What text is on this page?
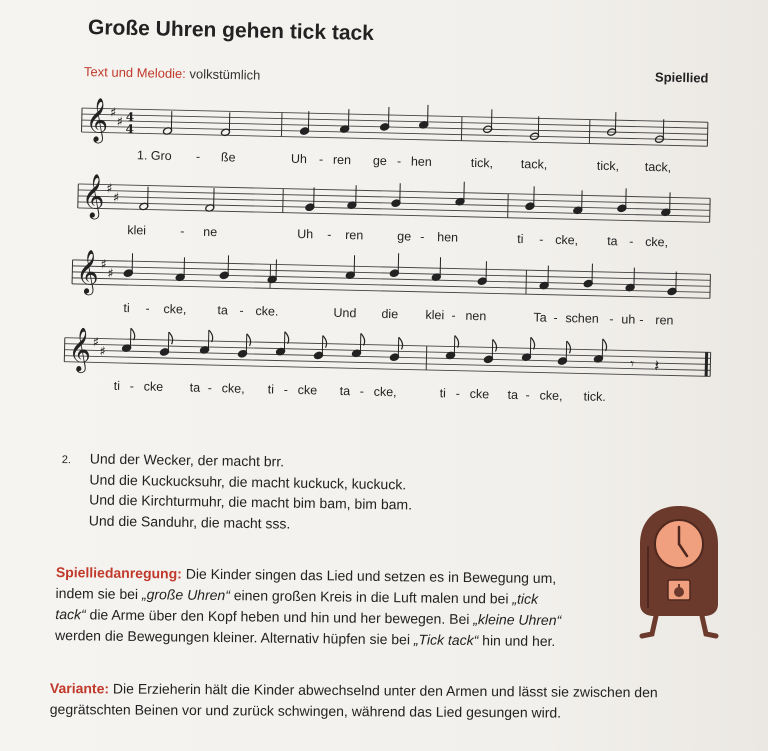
Große Uhren gehen tick tack
Text und Melodie: volkstümlich	Spiellied
𝄞 ♯
♯ 4
4
𝄞 ♯
♯
𝄞 ♯
♯
𝄞 ♯
♯
𝄾 𝄽
1. Gro - ße	Uh - ren ge - hen	tick, tack,	tick, tack,
klei	- ne	Uh - ren	ge - hen	ti - cke, ta - cke,
ti - cke, ta - cke.	Und die klei - nen	Ta - schen - uh - ren
ti - cke ta - cke, ti - cke ta - cke,	ti - cke ta - cke, tick.
2. Und der Wecker, der macht brr.
Und die Kuckucksuhr, die macht kuckuck, kuckuck.
Und die Kirchturmuhr, die macht bim bam, bim bam.
Und die Sanduhr, die macht sss.
Spielliedanregung: Die Kinder singen das Lied und setzen es in Bewegung um,
indem sie bei „große Uhren“ einen großen Kreis in die Luft malen und bei „tick
tack“ die Arme über den Kopf heben und hin und her bewegen. Bei „kleine Uhren“
werden die Bewegungen kleiner. Alternativ hüpfen sie bei „Tick tack“ hin und her.
Variante: Die Erzieherin hält die Kinder abwechselnd unter den Armen und lässt sie zwischen den
gegrätschten Beinen vor und zurück schwingen, während das Lied gesungen wird.
